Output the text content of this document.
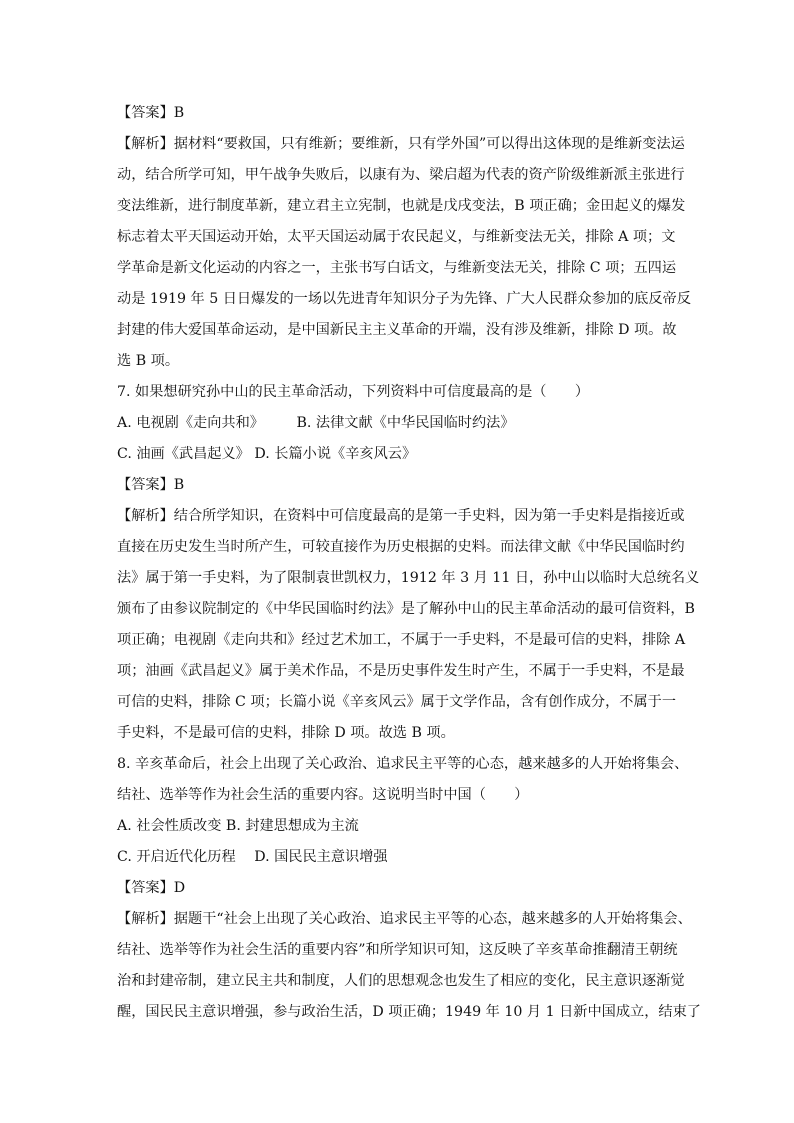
【答案】B

【解析】据材料“要救国，只有维新；要维新，只有学外国”可以得出这体现的是维新变法运
动，结合所学可知，甲午战争失败后，以康有为、梁启超为代表的资产阶级维新派主张进行
变法维新，进行制度革新，建立君主立宪制，也就是戊戌变法，B 项正确；金田起义的爆发
标志着太平天国运动开始，太平天国运动属于农民起义，与维新变法无关，排除 A 项；文
学革命是新文化运动的内容之一，主张书写白话文，与维新变法无关，排除 C 项；五四运
动是 1919 年 5 日日爆发的一场以先进青年知识分子为先锋、广大人民群众参加的底反帝反
封建的伟大爱国革命运动，是中国新民主主义革命的开端，没有涉及维新，排除 D 项。故
选 B 项。

7. 如果想研究孙中山的民主革命活动，下列资料中可信度最高的是（　　）

A. 电视剧《走向共和》 B. 法律文献《中华民国临时约法》

C. 油画《武昌起义》 D. 长篇小说《辛亥风云》

【答案】B

【解析】结合所学知识，在资料中可信度最高的是第一手史料，因为第一手史料是指接近或
直接在历史发生当时所产生，可较直接作为历史根据的史料。而法律文献《中华民国临时约
法》属于第一手史料，为了限制袁世凯权力，1912 年 3 月 11 日，孙中山以临时大总统名义
颁布了由参议院制定的《中华民国临时约法》是了解孙中山的民主革命活动的最可信资料，B
项正确；电视剧《走向共和》经过艺术加工，不属于一手史料，不是最可信的史料，排除 A
项；油画《武昌起义》属于美术作品，不是历史事件发生时产生，不属于一手史料，不是最
可信的史料，排除 C 项；长篇小说《辛亥风云》属于文学作品，含有创作成分，不属于一
手史料，不是最可信的史料，排除 D 项。故选 B 项。

8. 辛亥革命后，社会上出现了关心政治、追求民主平等的心态，越来越多的人开始将集会、
结社、选举等作为社会生活的重要内容。这说明当时中国（　　）

A. 社会性质改变 B. 封建思想成为主流

C. 开启近代化历程 D. 国民民主意识增强

【答案】D

【解析】据题干“社会上出现了关心政治、追求民主平等的心态，越来越多的人开始将集会、
结社、选举等作为社会生活的重要内容”和所学知识可知，这反映了辛亥革命推翻清王朝统
治和封建帝制，建立民主共和制度，人们的思想观念也发生了相应的变化，民主意识逐渐觉
醒，国民民主意识增强，参与政治生活，D 项正确；1949 年 10 月 1 日新中国成立，结束了
